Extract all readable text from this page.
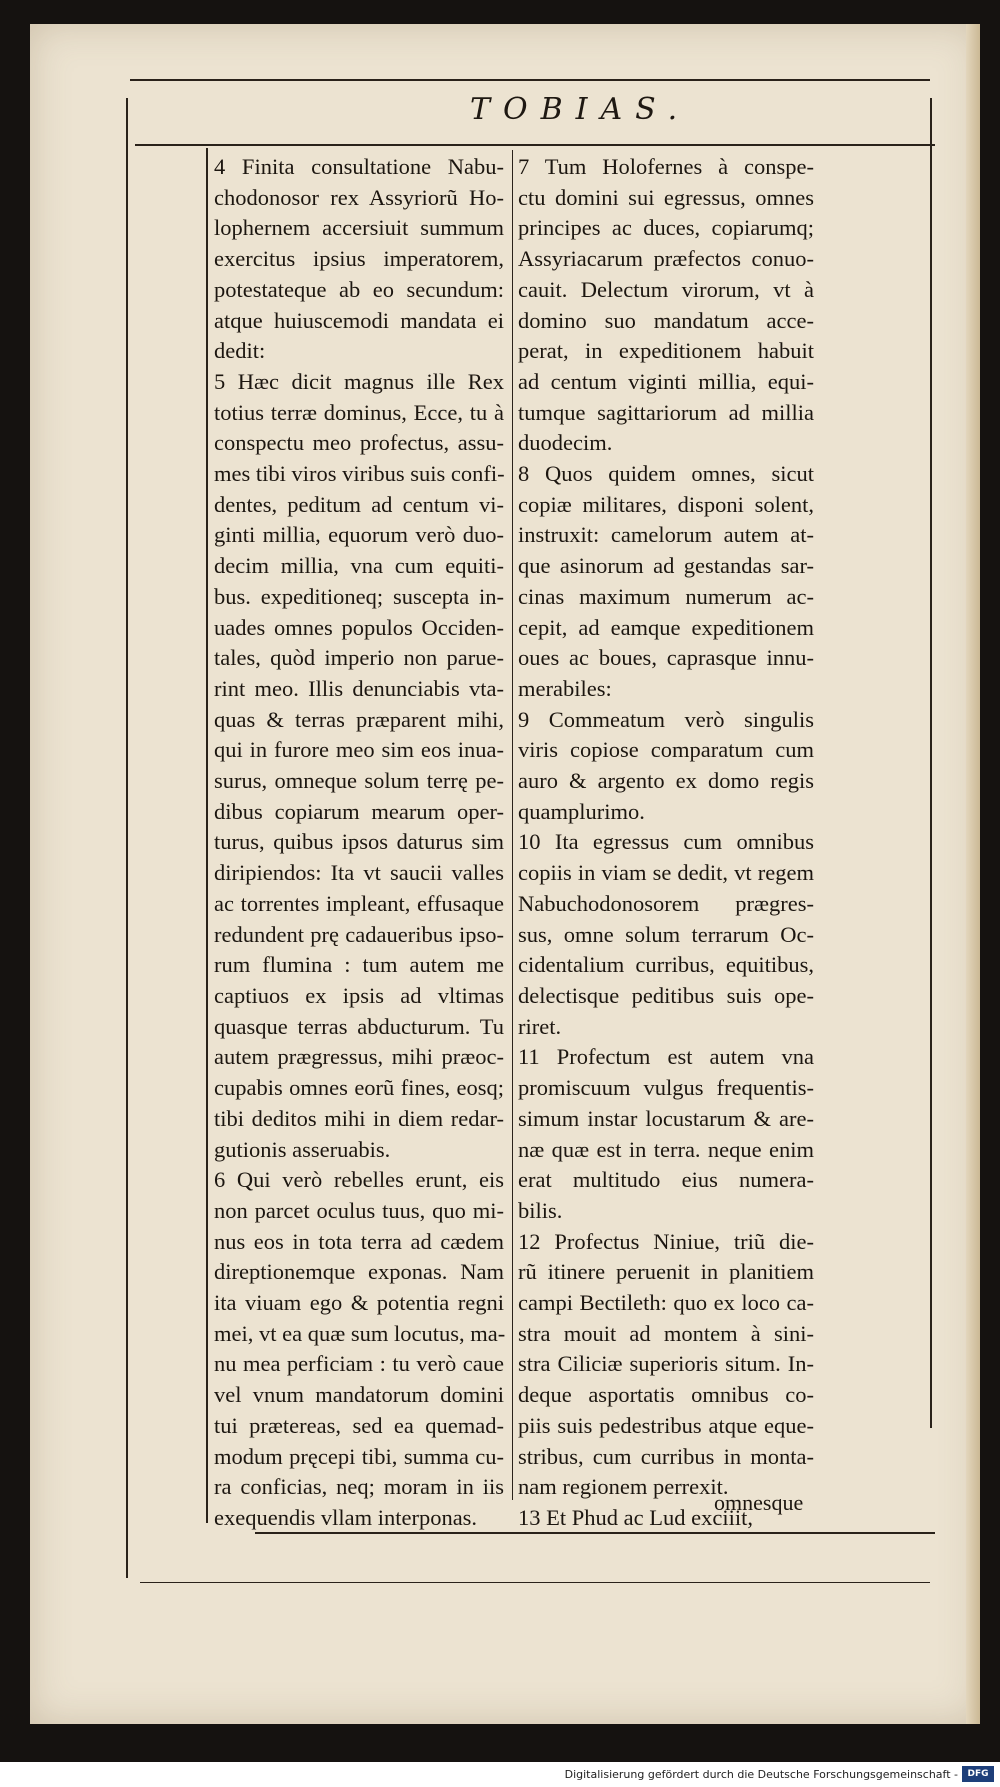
TOBIAS.
4 Finita consultatione Nabu-
chodonosor rex Assyriorũ Ho-
lophernem accersiuit summum
exercitus ipsius imperatorem,
potestateque ab eo secundum:
atque huiuscemodi mandata ei
dedit:
5 Hæc dicit magnus ille Rex
totius terræ dominus, Ecce, tu à
conspectu meo profectus, assu-
mes tibi viros viribus suis confi-
dentes, peditum ad centum vi-
ginti millia, equorum verò duo-
decim millia, vna cum equiti-
bus. expeditioneq; suscepta in-
uades omnes populos Occiden-
tales, quòd imperio non parue-
rint meo. Illis denunciabis vta-
quas & terras præparent mihi,
qui in furore meo sim eos inua-
surus, omneque solum terrę pe-
dibus copiarum mearum oper-
turus, quibus ipsos daturus sim
diripiendos: Ita vt saucii valles
ac torrentes impleant, effusaque
redundent prę cadaueribus ipso-
rum flumina : tum autem me
captiuos ex ipsis ad vltimas
quasque terras abducturum. Tu
autem prægressus, mihi præoc-
cupabis omnes eorũ fines, eosq;
tibi deditos mihi in diem redar-
gutionis asseruabis.
6 Qui verò rebelles erunt, eis
non parcet oculus tuus, quo mi-
nus eos in tota terra ad cædem
direptionemque exponas. Nam
ita viuam ego & potentia regni
mei, vt ea quæ sum locutus, ma-
nu mea perficiam : tu verò caue
vel vnum mandatorum domini
tui prætereas, sed ea quemad-
modum pręcepi tibi, summa cu-
ra conficias, neq; moram in iis
exequendis vllam interponas.
7 Tum Holofernes à conspe-
ctu domini sui egressus, omnes
principes ac duces, copiarumq;
Assyriacarum præfectos conuo-
cauit. Delectum virorum, vt à
domino suo mandatum acce-
perat, in expeditionem habuit
ad centum viginti millia, equi-
tumque sagittariorum ad millia
duodecim.
8 Quos quidem omnes, sicut
copiæ militares, disponi solent,
instruxit: camelorum autem at-
que asinorum ad gestandas sar-
cinas maximum numerum ac-
cepit, ad eamque expeditionem
oues ac boues, caprasque innu-
merabiles:
9 Commeatum verò singulis
viris copiose comparatum cum
auro & argento ex domo regis
quamplurimo.
10 Ita egressus cum omnibus
copiis in viam se dedit, vt regem
Nabuchodonosorem prægres-
sus, omne solum terrarum Oc-
cidentalium curribus, equitibus,
delectisque peditibus suis ope-
riret.
11 Profectum est autem vna
promiscuum vulgus frequentis-
simum instar locustarum & are-
næ quæ est in terra. neque enim
erat multitudo eius numera-
bilis.
12 Profectus Niniue, triũ die-
rũ itinere peruenit in planitiem
campi Bectileth: quo ex loco ca-
stra mouit ad montem à sini-
stra Ciliciæ superioris situm. In-
deque asportatis omnibus co-
piis suis pedestribus atque eque-
stribus, cum curribus in monta-
nam regionem perrexit.
13 Et Phud ac Lud exciiit,
omnesque
Digitalisierung gefördert durch die Deutsche Forschungsgemeinschaft -	DFG
